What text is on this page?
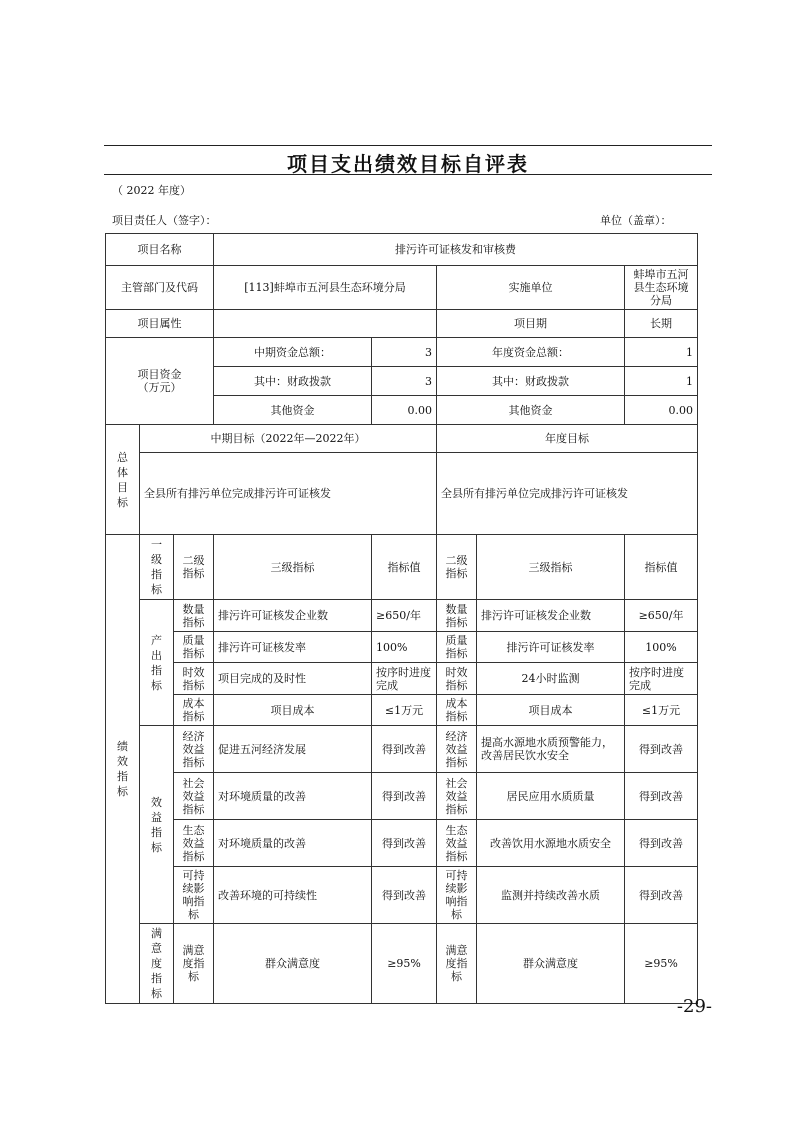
项目支出绩效目标自评表
（ 2022 年度）
项目责任人（签字）：	单位（盖章）：
项目名称			排污许可证核发和审核费				
主管部门及代码			[113]蚌埠市五河县生态环境分局		实施单位		蚌埠市五河县生态环境分局
项目属性					项目期		长期
项目资金（万元）			中期资金总额：	3	年度资金总额：		1
			其中：财政拨款	3	其中：财政拨款		1
			其他资金	0.00	其他资金		0.00
总体目标	中期目标（2022年—2022年）				年度目标		
	全县所有排污单位完成排污许可证核发				全县所有排污单位完成排污许可证核发		
绩效指标	一级指标	二级指标	三级指标	指标值	二级指标	三级指标	指标值
	产出指标	数量指标	排污许可证核发企业数	≥650/年	数量指标	排污许可证核发企业数	≥650/年
		质量指标	排污许可证核发率	100%	质量指标	排污许可证核发率	100%
		时效指标	项目完成的及时性	按序时进度完成	时效指标	24小时监测	按序时进度完成
		成本指标	项目成本	≤1万元	成本指标	项目成本	≤1万元
	效益指标	经济效益指标	促进五河经济发展	得到改善	经济效益指标	提高水源地水质预警能力，改善居民饮水安全	得到改善
		社会效益指标	对环境质量的改善	得到改善	社会效益指标	居民应用水质质量	得到改善
		生态效益指标	对环境质量的改善	得到改善	生态效益指标	改善饮用水源地水质安全	得到改善
		可持续影响指标	改善环境的可持续性	得到改善	可持续影响指标	监测并持续改善水质	得到改善
	满意度指标	满意度指标	群众满意度	≥95%	满意度指标	群众满意度	≥95%
-29-
